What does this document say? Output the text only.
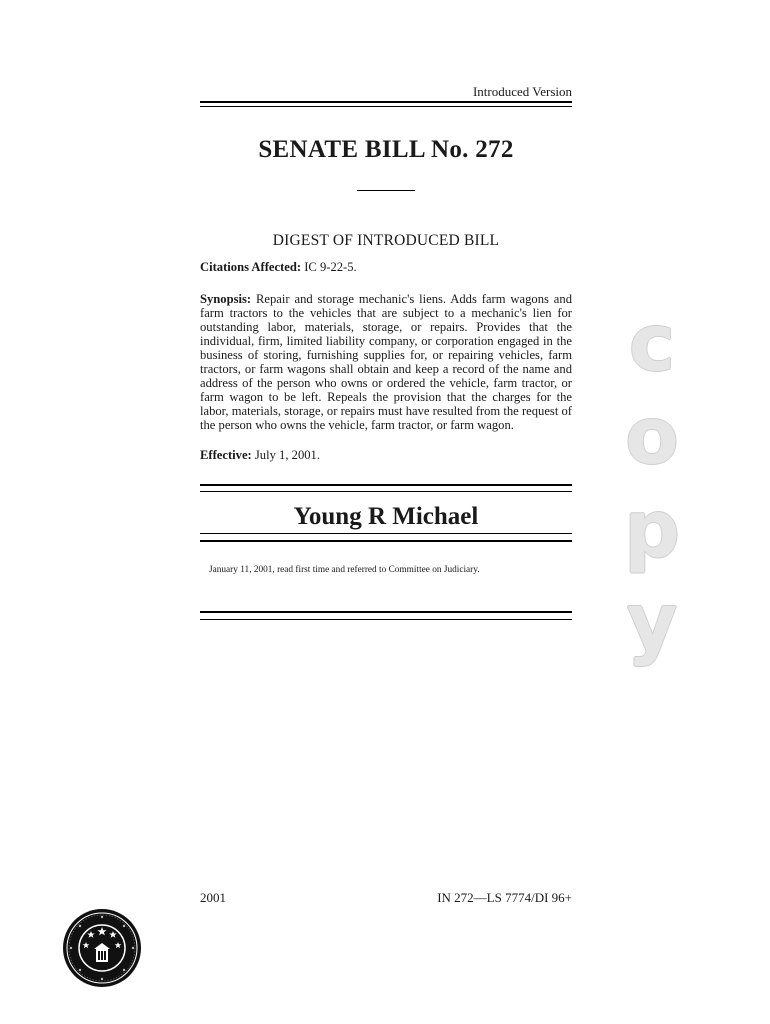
Introduced Version
SENATE BILL No. 272
DIGEST OF INTRODUCED BILL
Citations Affected: IC 9-22-5.
Synopsis: Repair and storage mechanic's liens. Adds farm wagons and farm tractors to the vehicles that are subject to a mechanic's lien for outstanding labor, materials, storage, or repairs. Provides that the individual, firm, limited liability company, or corporation engaged in the business of storing, furnishing supplies for, or repairing vehicles, farm tractors, or farm wagons shall obtain and keep a record of the name and address of the person who owns or ordered the vehicle, farm tractor, or farm wagon to be left. Repeals the provision that the charges for the labor, materials, storage, or repairs must have resulted from the request of the person who owns the vehicle, farm tractor, or farm wagon.
Effective: July 1, 2001.
Young R Michael
January 11, 2001, read first time and referred to Committee on Judiciary.
c
o
p
y
2001	IN 272—LS 7774/DI 96+
